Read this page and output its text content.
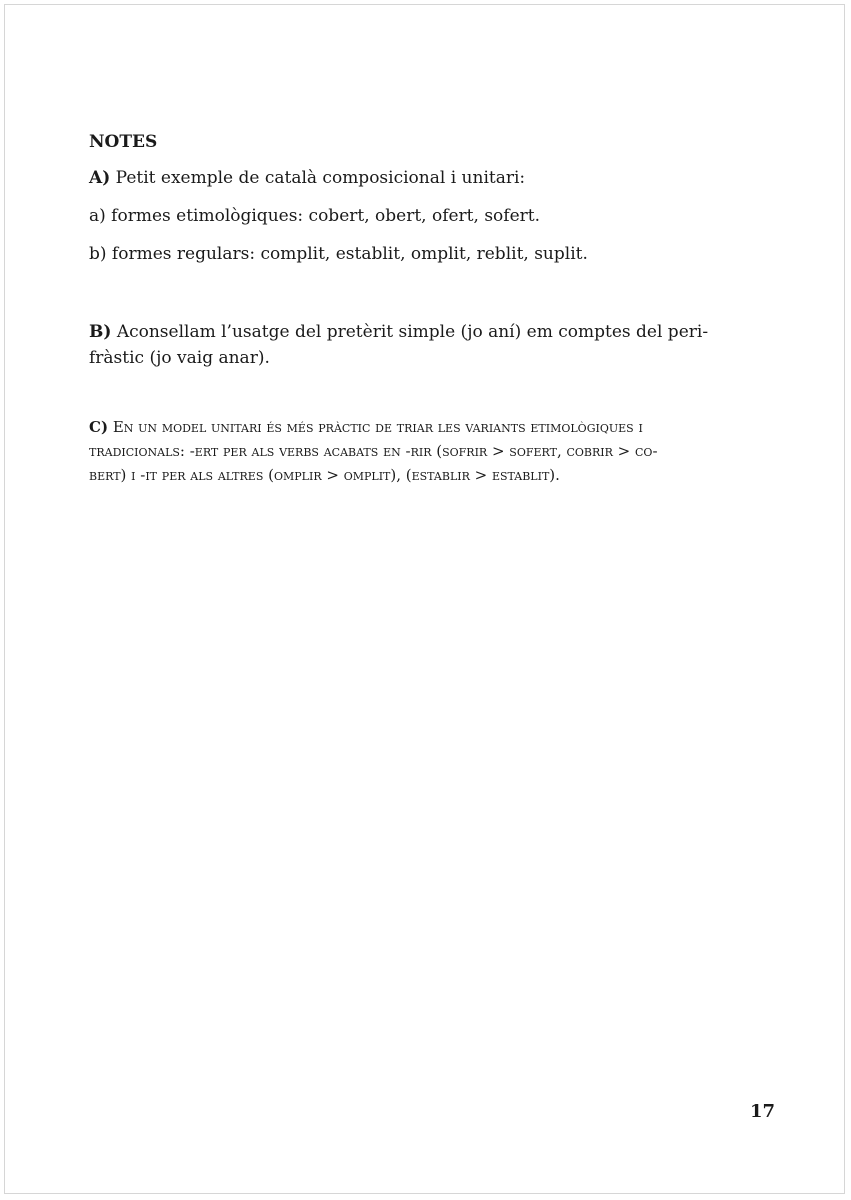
NOTES
A) Petit exemple de català composicional i unitari:
a) formes etimològiques: cobert, obert, ofert, sofert.
b) formes regulars: complit, establit, omplit, reblit, suplit.
B) Aconsellam l’usatge del pretèrit simple (jo aní) em comptes del peri-
fràstic (jo vaig anar).
C) En un model unitari és més pràctic de triar les variants etimològiques i
tradicionals: -ert per als verbs acabats en -rir (sofrir > sofert, cobrir > co-
bert) i -it per als altres (omplir > omplit), (establir > establit).
17
